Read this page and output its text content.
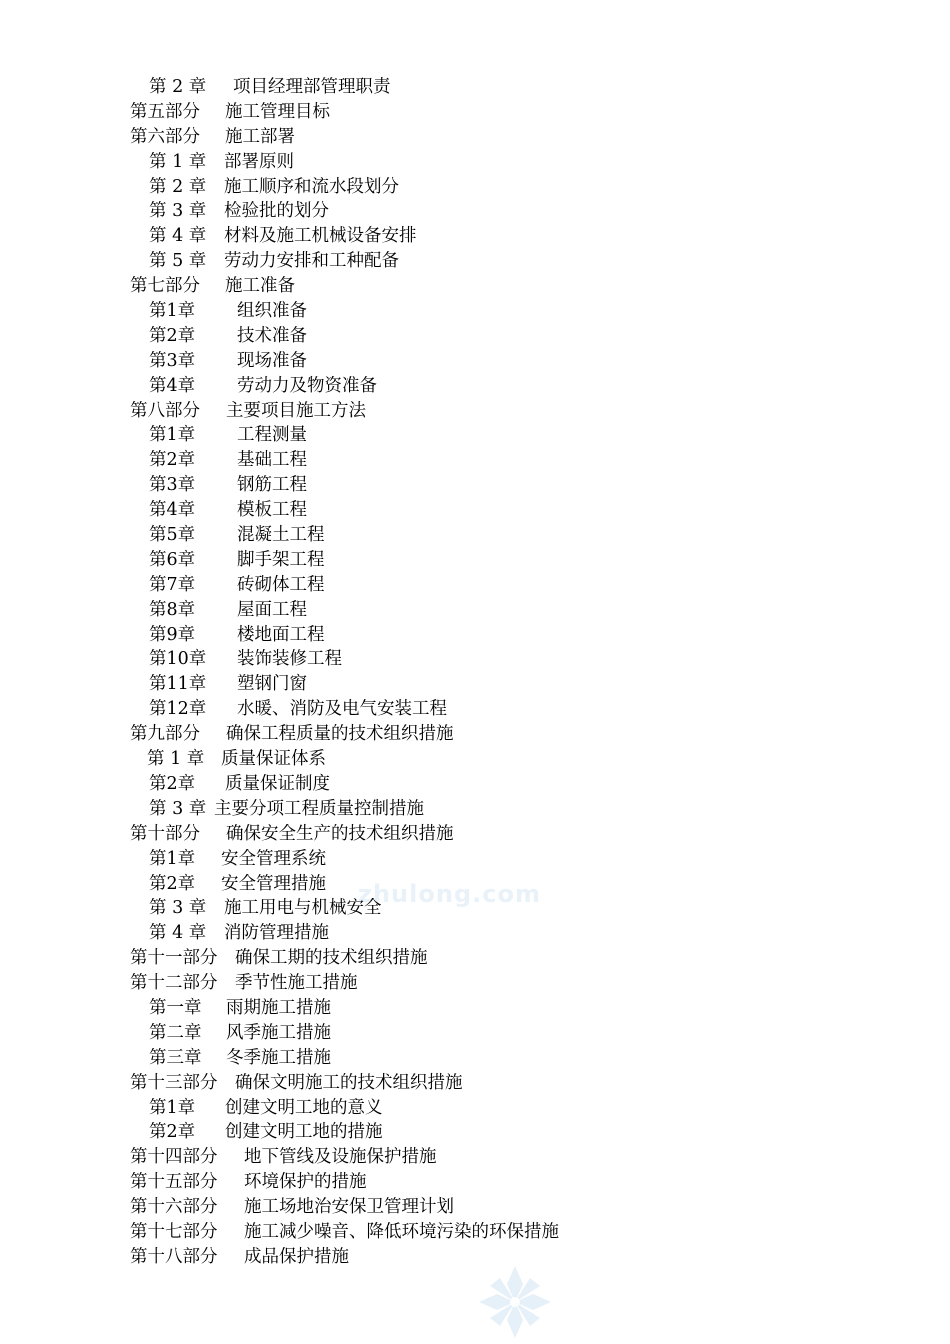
第 2 章 项目经理部管理职责
第五部分 施工管理目标
第六部分 施工部署
第 1 章 部署原则
第 2 章 施工顺序和流水段划分
第 3 章 检验批的划分
第 4 章 材料及施工机械设备安排
第 5 章 劳动力安排和工种配备
第七部分 施工准备
第1章 组织准备
第2章 技术准备
第3章 现场准备
第4章 劳动力及物资准备
第八部分 主要项目施工方法
第1章 工程测量
第2章 基础工程
第3章 钢筋工程
第4章 模板工程
第5章 混凝土工程
第6章 脚手架工程
第7章 砖砌体工程
第8章 屋面工程
第9章 楼地面工程
第10章 装饰装修工程
第11章 塑钢门窗
第12章 水暖、消防及电气安装工程
第九部分 确保工程质量的技术组织措施
第 1 章 质量保证体系
第2章 质量保证制度
第 3 章 主要分项工程质量控制措施
第十部分 确保安全生产的技术组织措施
第1章 安全管理系统
第2章 安全管理措施
第 3 章 施工用电与机械安全
第 4 章 消防管理措施
第十一部分 确保工期的技术组织措施
第十二部分 季节性施工措施
第一章 雨期施工措施
第二章 风季施工措施
第三章 冬季施工措施
第十三部分 确保文明施工的技术组织措施
第1章 创建文明工地的意义
第2章 创建文明工地的措施
第十四部分 地下管线及设施保护措施
第十五部分 环境保护的措施
第十六部分 施工场地治安保卫管理计划
第十七部分 施工减少噪音、降低环境污染的环保措施
第十八部分 成品保护措施
zhulong.com
